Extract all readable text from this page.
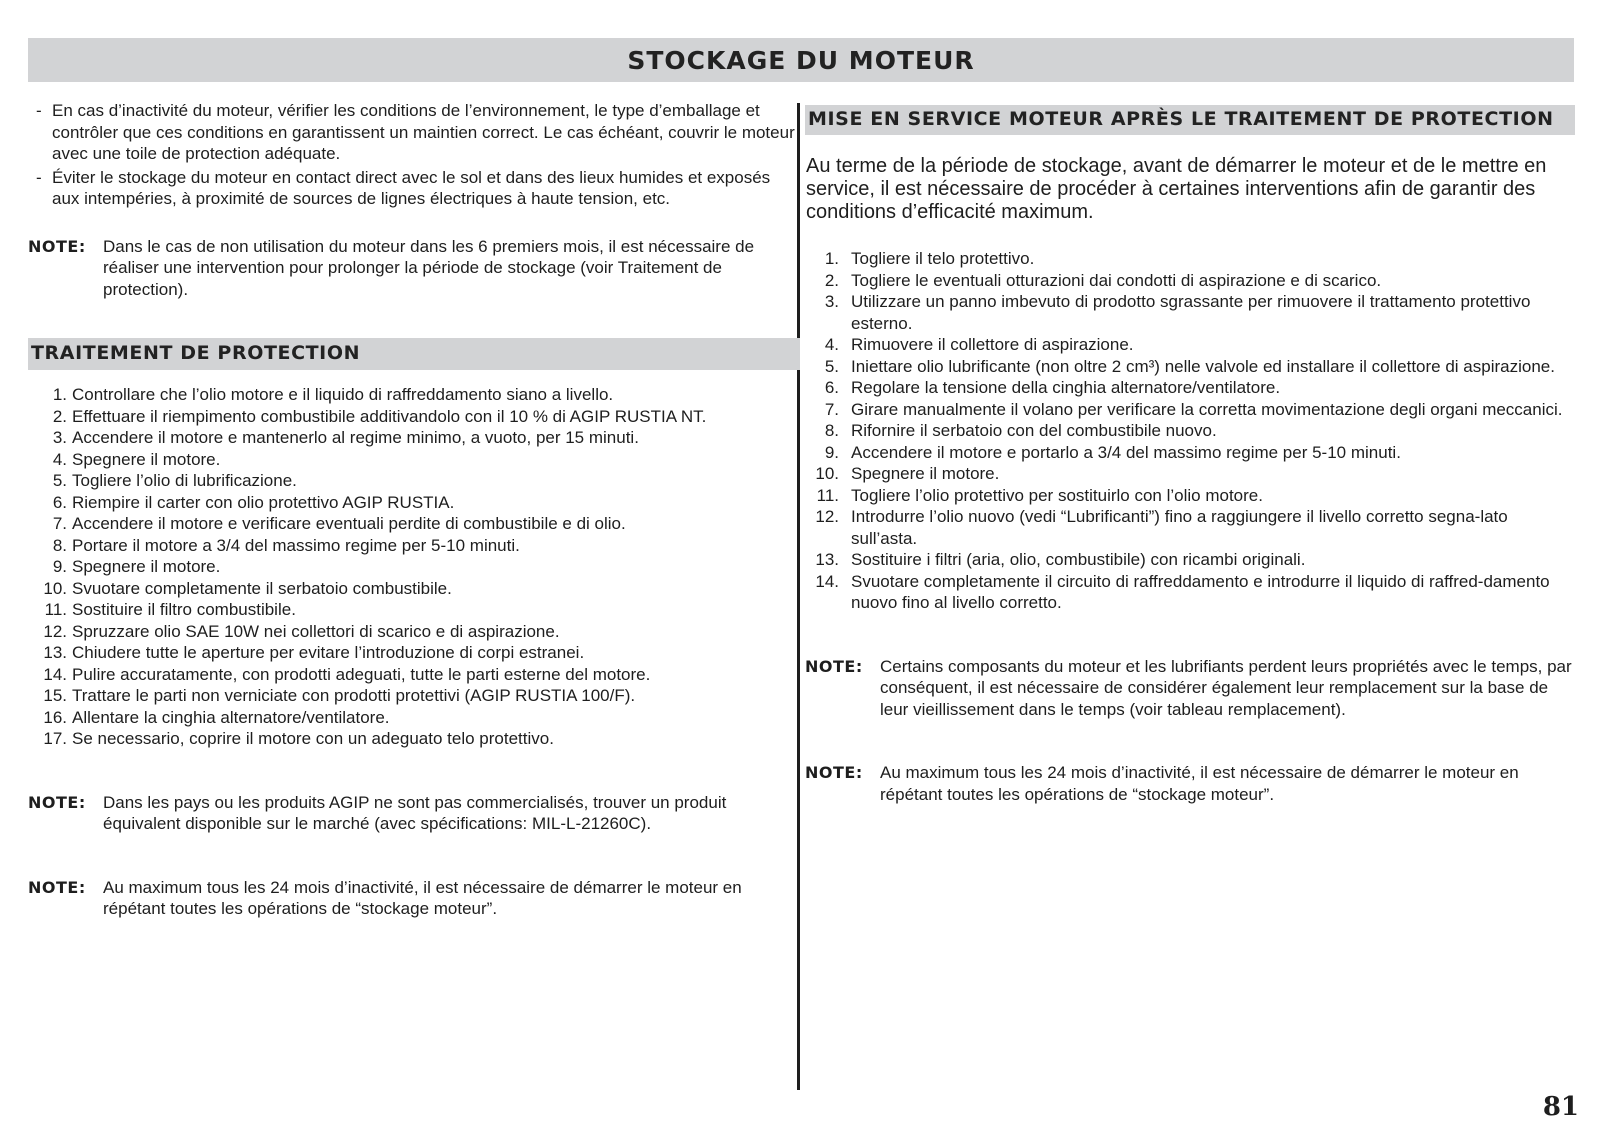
STOCKAGE DU MOTEUR
- En cas d’inactivité du moteur, vérifier les conditions de l’environnement, le type d’emballage et contrôler que ces conditions en garantissent un maintien correct. Le cas échéant, couvrir le moteur avec une toile de protection adéquate.
- Éviter le stockage du moteur en contact direct avec le sol et dans des lieux humides et exposés aux intempéries, à proximité de sources de lignes électriques à haute tension, etc.
NOTE:	Dans le cas de non utilisation du moteur dans les 6 premiers mois, il est nécessaire de réaliser une intervention pour prolonger la période de stockage (voir Traitement de protection).
TRAITEMENT DE PROTECTION
1. Controllare che l’olio motore e il liquido di raffreddamento siano a livello.
2. Effettuare il riempimento combustibile additivandolo con il 10 % di AGIP RUSTIA NT.
3. Accendere il motore e mantenerlo al regime minimo, a vuoto, per 15 minuti.
4. Spegnere il motore.
5. Togliere l’olio di lubrificazione.
6. Riempire il carter con olio protettivo AGIP RUSTIA.
7. Accendere il motore e verificare eventuali perdite di combustibile e di olio.
8. Portare il motore a 3/4 del massimo regime per 5-10 minuti.
9. Spegnere il motore.
10. Svuotare completamente il serbatoio combustibile.
11. Sostituire il filtro combustibile.
12. Spruzzare olio SAE 10W nei collettori di scarico e di aspirazione.
13. Chiudere tutte le aperture per evitare l’introduzione di corpi estranei.
14. Pulire accuratamente, con prodotti adeguati, tutte le parti esterne del motore.
15. Trattare le parti non verniciate con prodotti protettivi (AGIP RUSTIA 100/F).
16. Allentare la cinghia alternatore/ventilatore.
17. Se necessario, coprire il motore con un adeguato telo protettivo.
NOTE:	Dans les pays ou les produits AGIP ne sont pas commercialisés, trouver un produit équivalent disponible sur le marché (avec spécifications: MIL-L-21260C).
NOTE:	Au maximum tous les 24 mois d’inactivité, il est nécessaire de démarrer le moteur en répétant toutes les opérations de “stockage moteur”.
MISE EN SERVICE MOTEUR APRÈS LE TRAITEMENT DE PROTECTION

Au terme de la période de stockage, avant de démarrer le moteur et de le mettre en service, il est nécessaire de procéder à certaines interventions afin de garantir des conditions d’efficacité maximum.

1. Togliere il telo protettivo.
2. Togliere le eventuali otturazioni dai condotti di aspirazione e di scarico.
3. Utilizzare un panno imbevuto di prodotto sgrassante per rimuovere il trattamento protettivo esterno.
4. Rimuovere il collettore di aspirazione.
5. Iniettare olio lubrificante (non oltre 2 cm³) nelle valvole ed installare il collettore di aspirazione.
6. Regolare la tensione della cinghia alternatore/ventilatore.
7. Girare manualmente il volano per verificare la corretta movimentazione degli organi meccanici.
8. Rifornire il serbatoio con del combustibile nuovo.
9. Accendere il motore e portarlo a 3/4 del massimo regime per 5-10 minuti.
10. Spegnere il motore.
11. Togliere l’olio protettivo per sostituirlo con l’olio motore.
12. Introdurre l’olio nuovo (vedi “Lubrificanti”) fino a raggiungere il livello corretto segna-lato sull’asta.
13. Sostituire i filtri (aria, olio, combustibile) con ricambi originali.
14. Svuotare completamente il circuito di raffreddamento e introdurre il liquido di raffred-damento nuovo fino al livello corretto.
NOTE:	Certains composants du moteur et les lubrifiants perdent leurs propriétés avec le temps, par conséquent, il est nécessaire de considérer également leur remplacement sur la base de leur vieillissement dans le temps (voir tableau remplacement).
NOTE:	Au maximum tous les 24 mois d’inactivité, il est nécessaire de démarrer le moteur en répétant toutes les opérations de “stockage moteur”.
81
